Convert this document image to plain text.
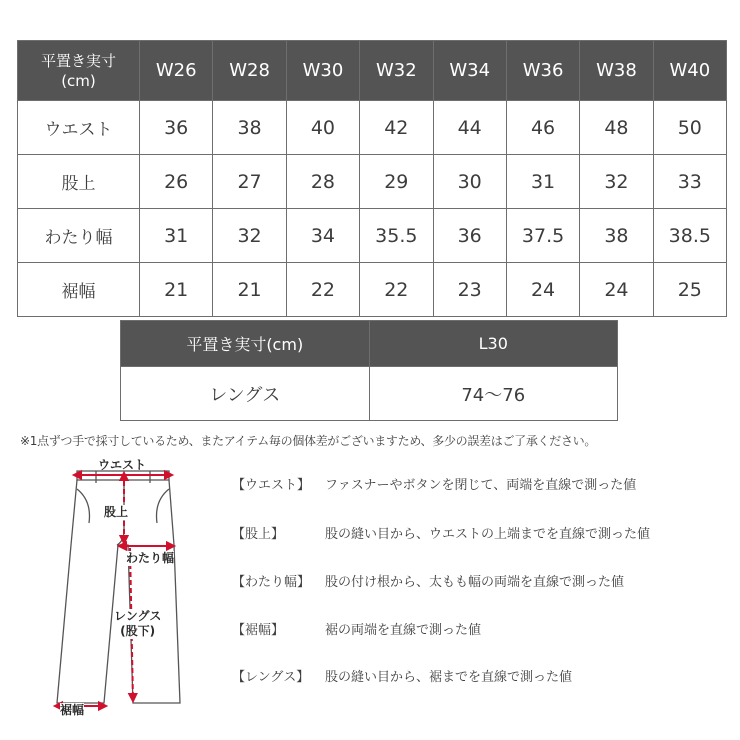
平置き実寸
(cm)	W26	W28	W30	W32	W34	W36	W38	W40
ウエスト	36	38	40	42	44	46	48	50
股上	26	27	28	29	30	31	32	33
わたり幅	31	32	34	35.5	36	37.5	38	38.5
裾幅	21	21	22	22	23	24	24	25
平置き実寸(cm)	L30
レングス	74〜76
※1点ずつ手で採寸しているため、またアイテム毎の個体差がございますため、多少の誤差はご了承ください。
ウエスト
股上
わたり幅
レングス
(股下)
裾幅
【ウエスト】 ファスナーやボタンを閉じて、両端を直線で測った値
【股上】	股の縫い目から、ウエストの上端までを直線で測った値
【わたり幅】 股の付け根から、太もも幅の両端を直線で測った値
【裾幅】	裾の両端を直線で測った値
【レングス】 股の縫い目から、裾までを直線で測った値
